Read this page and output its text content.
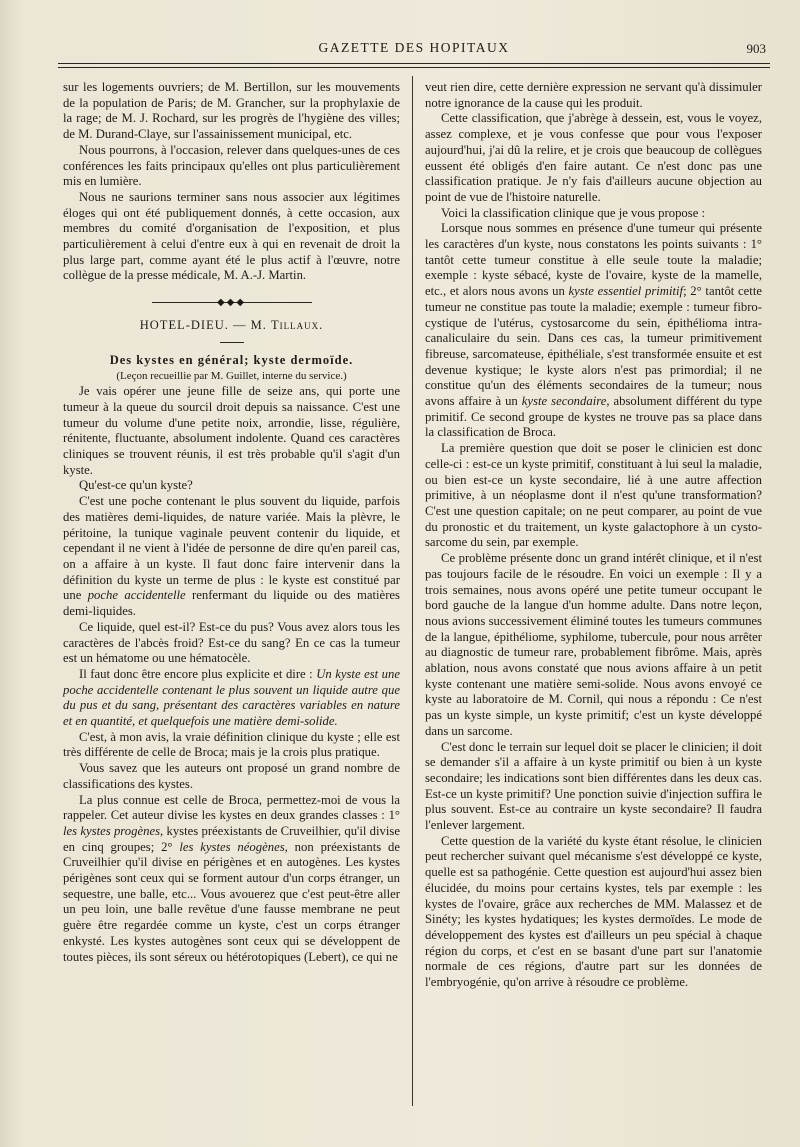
GAZETTE DES HOPITAUX	903

sur les logements ouvriers; de M. Bertillon, sur les mouvements de la population de Paris; de M. Grancher, sur la prophylaxie de la rage; de M. J. Rochard, sur les progrès de l'hygiène des villes; de M. Durand-Claye, sur l'assainissement municipal, etc.

Nous pourrons, à l'occasion, relever dans quelques-unes de ces conférences les faits principaux qu'elles ont plus particulièrement mis en lumière.

Nous ne saurions terminer sans nous associer aux légitimes éloges qui ont été publiquement donnés, à cette occasion, aux membres du comité d'organisation de l'exposition, et plus particulièrement à celui d'entre eux à qui en revenait de droit la plus large part, comme ayant été le plus actif à l'œuvre, notre collègue de la presse médicale, M. A.-J. Martin.

◆◆◆

HOTEL-DIEU. — M. Tillaux.

Des kystes en général; kyste dermoïde.

(Leçon recueillie par M. Guillet, interne du service.)

Je vais opérer une jeune fille de seize ans, qui porte une tumeur à la queue du sourcil droit depuis sa naissance. C'est une tumeur du volume d'une petite noix, arrondie, lisse, régulière, rénitente, fluctuante, absolument indolente. Quand ces caractères cliniques se trouvent réunis, il est très probable qu'il s'agit d'un kyste.

Qu'est-ce qu'un kyste?

C'est une poche contenant le plus souvent du liquide, parfois des matières demi-liquides, de nature variée. Mais la plèvre, le péritoine, la tunique vaginale peuvent contenir du liquide, et cependant il ne vient à l'idée de personne de dire qu'en pareil cas, on a affaire à un kyste. Il faut donc faire intervenir dans la définition du kyste un terme de plus : le kyste est constitué par une poche accidentelle renfermant du liquide ou des matières demi-liquides.

Ce liquide, quel est-il? Est-ce du pus? Vous avez alors tous les caractères de l'abcès froid? Est-ce du sang? En ce cas la tumeur est un hématome ou une hématocèle.

Il faut donc être encore plus explicite et dire : Un kyste est une poche accidentelle contenant le plus souvent un liquide autre que du pus et du sang, présentant des caractères variables en nature et en quantité, et quelquefois une matière demi-solide.

C'est, à mon avis, la vraie définition clinique du kyste ; elle est très différente de celle de Broca; mais je la crois plus pratique.

Vous savez que les auteurs ont proposé un grand nombre de classifications des kystes.

La plus connue est celle de Broca, permettez-moi de vous la rappeler. Cet auteur divise les kystes en deux grandes classes : 1° les kystes progènes, kystes préexistants de Cruveilhier, qu'il divise en cinq groupes; 2° les kystes néogènes, non préexistants de Cruveilhier qu'il divise en périgènes et en autogènes. Les kystes périgènes sont ceux qui se forment autour d'un corps étranger, un sequestre, une balle, etc... Vous avouerez que c'est peut-être aller un peu loin, une balle revêtue d'une fausse membrane ne peut guère être regardée comme un kyste, c'est un corps étranger enkysté. Les kystes autogènes sont ceux qui se développent de toutes pièces, ils sont séreux ou hétérotopiques (Lebert), ce qui ne

veut rien dire, cette dernière expression ne servant qu'à dissimuler notre ignorance de la cause qui les produit.

Cette classification, que j'abrège à dessein, est, vous le voyez, assez complexe, et je vous confesse que pour vous l'exposer aujourd'hui, j'ai dû la relire, et je crois que beaucoup de collègues eussent été obligés d'en faire autant. Ce n'est donc pas une classification pratique. Je n'y fais d'ailleurs aucune objection au point de vue de l'histoire naturelle.

Voici la classification clinique que je vous propose :

Lorsque nous sommes en présence d'une tumeur qui présente les caractères d'un kyste, nous constatons les points suivants : 1° tantôt cette tumeur constitue à elle seule toute la maladie; exemple : kyste sébacé, kyste de l'ovaire, kyste de la mamelle, etc., et alors nous avons un kyste essentiel primitif; 2° tantôt cette tumeur ne constitue pas toute la maladie; exemple : tumeur fibro-cystique de l'utérus, cystosarcome du sein, épithélioma intra-canaliculaire du sein. Dans ces cas, la tumeur primitivement fibreuse, sarcomateuse, épithéliale, s'est transformée ensuite et est devenue kystique; le kyste alors n'est pas primordial; il ne constitue qu'un des éléments secondaires de la tumeur; nous avons affaire à un kyste secondaire, absolument différent du type primitif. Ce second groupe de kystes ne trouve pas sa place dans la classification de Broca.

La première question que doit se poser le clinicien est donc celle-ci : est-ce un kyste primitif, constituant à lui seul la maladie, ou bien est-ce un kyste secondaire, lié à une autre affection primitive, à un néoplasme dont il n'est qu'une transformation? C'est une question capitale; on ne peut comparer, au point de vue du pronostic et du traitement, un kyste galactophore à un cysto-sarcome du sein, par exemple.

Ce problème présente donc un grand intérêt clinique, et il n'est pas toujours facile de le résoudre. En voici un exemple : Il y a trois semaines, nous avons opéré une petite tumeur occupant le bord gauche de la langue d'un homme adulte. Dans notre leçon, nous avions successivement éliminé toutes les tumeurs communes de la langue, épithéliome, syphilome, tubercule, pour nous arrêter au diagnostic de tumeur rare, probablement fibrôme. Mais, après ablation, nous avons constaté que nous avions affaire à un petit kyste contenant une matière semi-solide. Nous avons envoyé ce kyste au laboratoire de M. Cornil, qui nous a répondu : Ce n'est pas un kyste simple, un kyste primitif; c'est un kyste développé dans un sarcome.

C'est donc le terrain sur lequel doit se placer le clinicien; il doit se demander s'il a affaire à un kyste primitif ou bien à un kyste secondaire; les indications sont bien différentes dans les deux cas. Est-ce un kyste primitif? Une ponction suivie d'injection suffira le plus souvent. Est-ce au contraire un kyste secondaire? Il faudra l'enlever largement.

Cette question de la variété du kyste étant résolue, le clinicien peut rechercher suivant quel mécanisme s'est développé ce kyste, quelle est sa pathogénie. Cette question est aujourd'hui assez bien élucidée, du moins pour certains kystes, tels par exemple : les kystes de l'ovaire, grâce aux recherches de MM. Malassez et de Sinéty; les kystes hydatiques; les kystes dermoïdes. Le mode de développement des kystes est d'ailleurs un peu spécial à chaque région du corps, et c'est en se basant d'une part sur l'anatomie normale de ces régions, d'autre part sur les données de l'embryogénie, qu'on arrive à résoudre ce problème.
